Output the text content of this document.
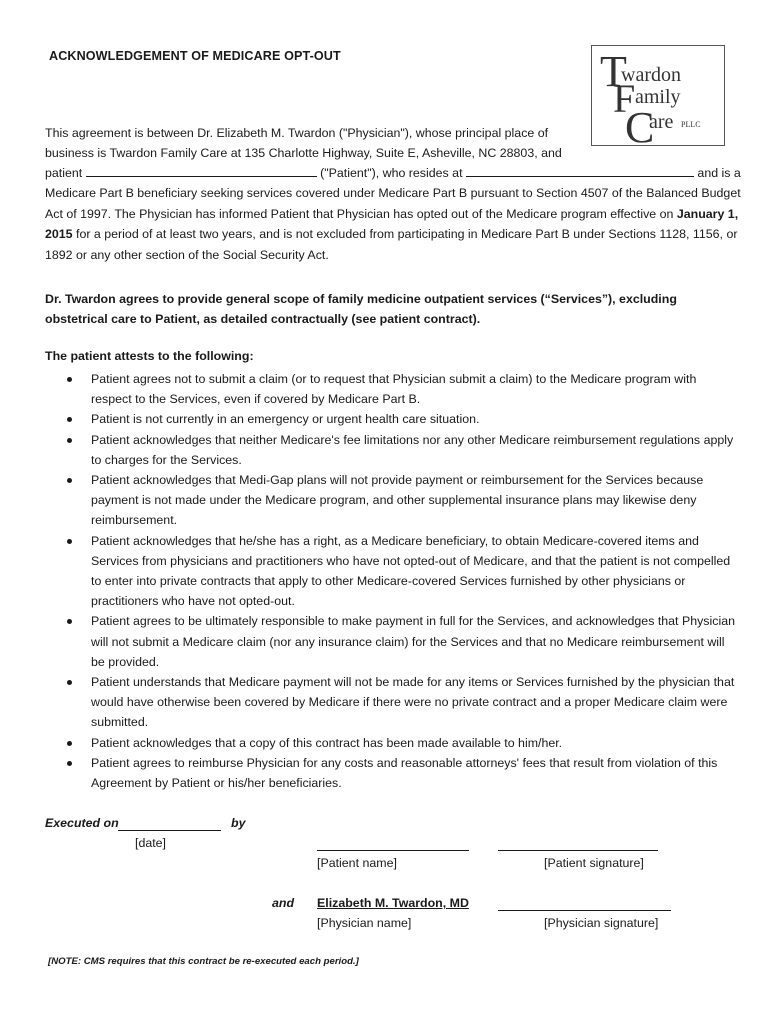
ACKNOWLEDGEMENT OF MEDICARE OPT-OUT	T
wardon
F amily
C
are PLLC
This agreement is between Dr. Elizabeth M. Twardon ("Physician"), whose principal place of business is Twardon Family Care at 135 Charlotte Highway, Suite E, Asheville, NC 28803, and
patient	("Patient"), who resides at	and is a Medicare Part B beneficiary seeking services covered under Medicare Part B pursuant to Section 4507 of the Balanced Budget Act of 1997. The Physician has informed Patient that Physician has opted out of the Medicare program effective on January 1, 2015 for a period of at least two years, and is not excluded from participating in Medicare Part B under Sections 1128, 1156, or 1892 or any other section of the Social Security Act.
Dr. Twardon agrees to provide general scope of family medicine outpatient services (“Services”), excluding obstetrical care to Patient, as detailed contractually (see patient contract).
The patient attests to the following:
Patient agrees not to submit a claim (or to request that Physician submit a claim) to the Medicare program with respect to the Services, even if covered by Medicare Part B.
Patient is not currently in an emergency or urgent health care situation.
Patient acknowledges that neither Medicare's fee limitations nor any other Medicare reimbursement regulations apply to charges for the Services.
Patient acknowledges that Medi-Gap plans will not provide payment or reimbursement for the Services because payment is not made under the Medicare program, and other supplemental insurance plans may likewise deny reimbursement.
Patient acknowledges that he/she has a right, as a Medicare beneficiary, to obtain Medicare-covered items and Services from physicians and practitioners who have not opted-out of Medicare, and that the patient is not compelled to enter into private contracts that apply to other Medicare-covered Services furnished by other physicians or practitioners who have not opted-out.
Patient agrees to be ultimately responsible to make payment in full for the Services, and acknowledges that Physician will not submit a Medicare claim (nor any insurance claim) for the Services and that no Medicare reimbursement will be provided.
Patient understands that Medicare payment will not be made for any items or Services furnished by the physician that would have otherwise been covered by Medicare if there were no private contract and a proper Medicare claim were submitted.
Patient acknowledges that a copy of this contract has been made available to him/her.
Patient agrees to reimburse Physician for any costs and reasonable attorneys' fees that result from violation of this Agreement by Patient or his/her beneficiaries.
Executed on	by
[date]
[Patient name]	[Patient signature]
and Elizabeth M. Twardon, MD
[Physician name]	[Physician signature]
[NOTE: CMS requires that this contract be re-executed each period.]
